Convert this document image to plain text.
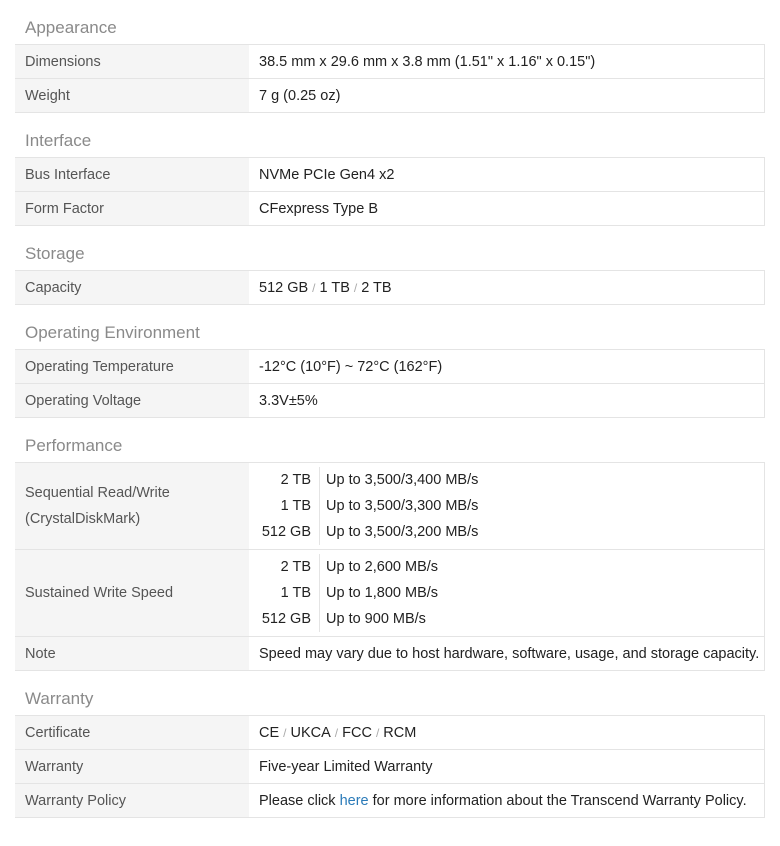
Appearance
Dimensions	38.5 mm x 29.6 mm x 3.8 mm (1.51" x 1.16" x 0.15")
Weight	7 g (0.25 oz)
Interface
Bus Interface	NVMe PCIe Gen4 x2
Form Factor	CFexpress Type B
Storage
Capacity	512 GB / 1 TB / 2 TB
Operating Environment
Operating Temperature	-12°C (10°F) ~ 72°C (162°F)
Operating Voltage	3.3V±5%
Performance
Sequential Read/Write
(CrystalDiskMark)	
2 TB	Up to 3,500/3,400 MB/s
1 TB	Up to 3,500/3,300 MB/s
512 GB	Up to 3,500/3,200 MB/s

Sustained Write Speed	
2 TB	Up to 2,600 MB/s
1 TB	Up to 1,800 MB/s
512 GB	Up to 900 MB/s

Note	Speed may vary due to host hardware, software, usage, and storage capacity.
Warranty
Certificate	CE / UKCA / FCC / RCM
Warranty	Five-year Limited Warranty
Warranty Policy	Please click here for more information about the Transcend Warranty Policy.
